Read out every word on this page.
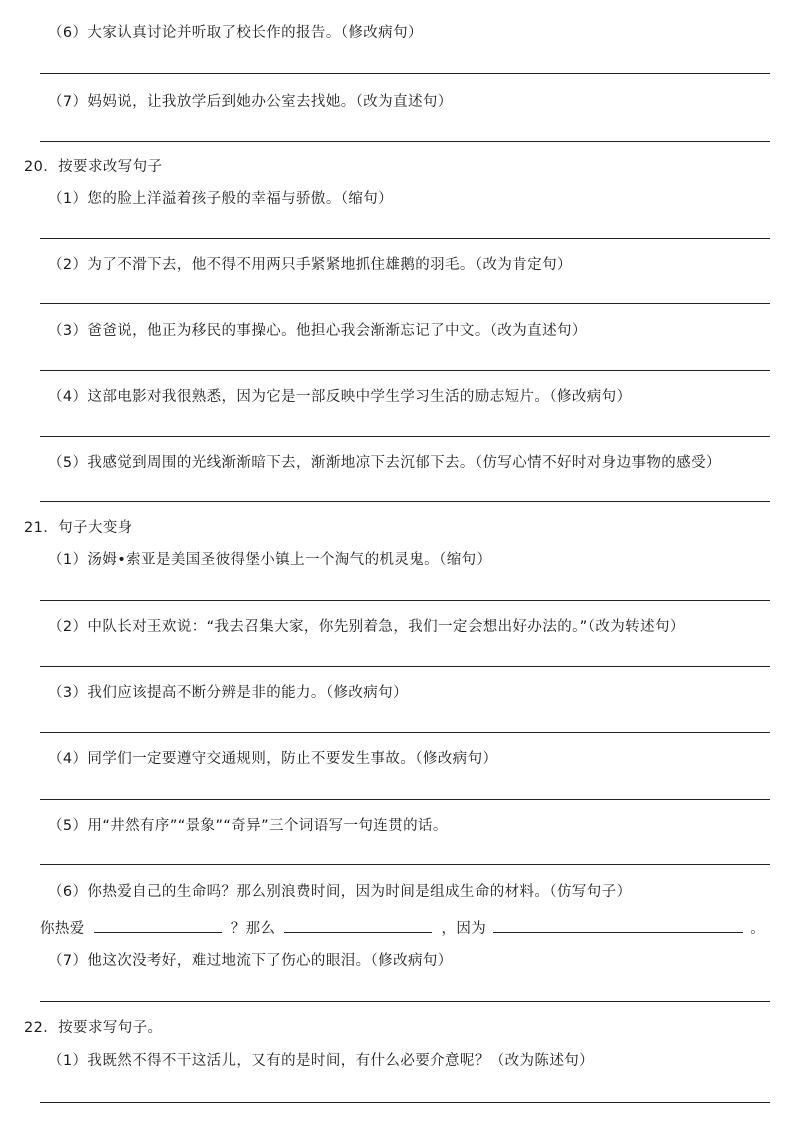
（6）大家认真讨论并听取了校长作的报告。（修改病句）
（7）妈妈说，让我放学后到她办公室去找她。（改为直述句）
20．按要求改写句子
（1）您的脸上洋溢着孩子般的幸福与骄傲。（缩句）
（2）为了不滑下去，他不得不用两只手紧紧地抓住雄鹅的羽毛。（改为肯定句）
（3）爸爸说，他正为移民的事操心。他担心我会渐渐忘记了中文。（改为直述句）
（4）这部电影对我很熟悉，因为它是一部反映中学生学习生活的励志短片。（修改病句）
（5）我感觉到周围的光线渐渐暗下去，渐渐地凉下去沉郁下去。（仿写心情不好时对身边事物的感受）
21．句子大变身
（1）汤姆•索亚是美国圣彼得堡小镇上一个淘气的机灵鬼。（缩句）
（2）中队长对王欢说：“我去召集大家，你先别着急，我们一定会想出好办法的。”（改为转述句）
（3）我们应该提高不断分辨是非的能力。（修改病句）
（4）同学们一定要遵守交通规则，防止不要发生事故。（修改病句）
（5）用“井然有序”“景象”“奇异”三个词语写一句连贯的话。
（6）你热爱自己的生命吗？那么别浪费时间，因为时间是组成生命的材料。（仿写句子）
你热爱	？那么	，因为	。
（7）他这次没考好，难过地流下了伤心的眼泪。（修改病句）
22．按要求写句子。
（1）我既然不得不干这活儿，又有的是时间，有什么必要介意呢？（改为陈述句）
